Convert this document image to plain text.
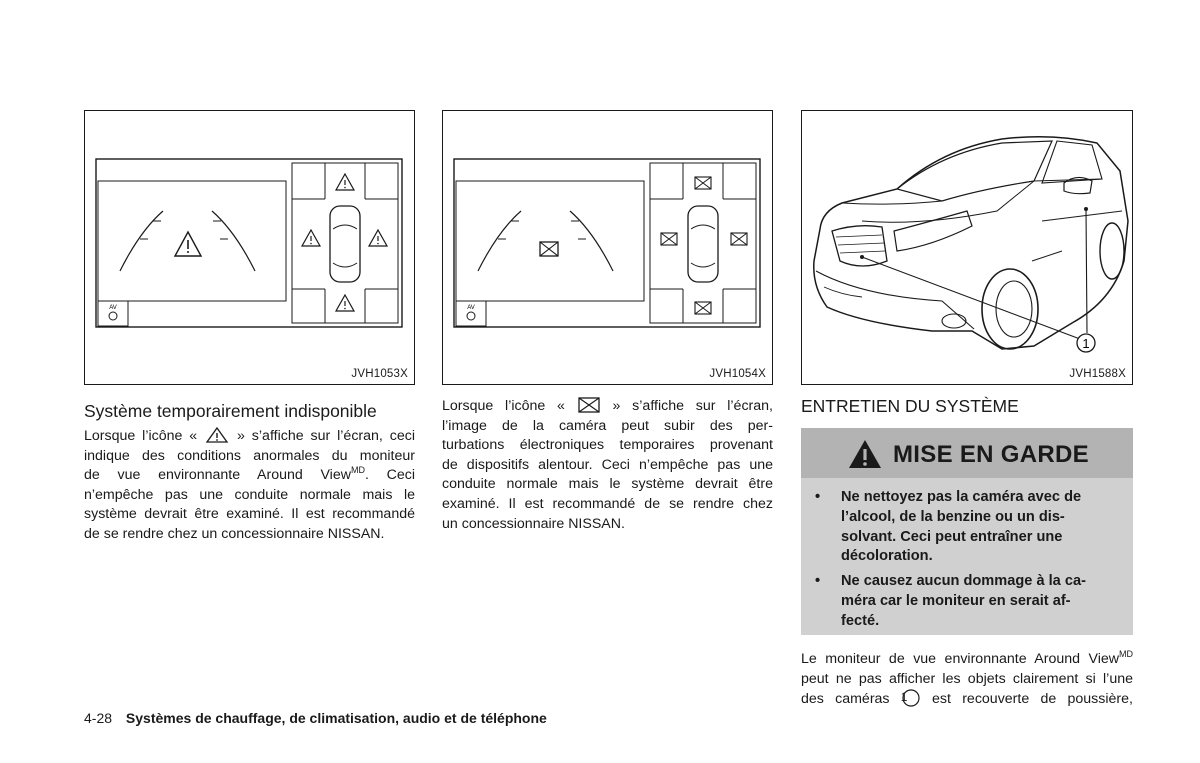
AV
JVH1053X
AV
JVH1054X
1
JVH1588X
Système temporairement indisponible
Lorsque l’icône «	» s’affiche sur l’écran, ceci
indique des conditions anormales du moniteur
de vue environnante Around View$^{MD}$. Ceci
n’empêche pas une conduite normale mais le
système devrait être examiné. Il est recommandé
de se rendre chez un concessionnaire NISSAN.
Lorsque l’icône « ☒ » s’affiche sur l’écran,
l’image de la caméra peut subir des per-
turbations électroniques temporaires provenant
de dispositifs alentour. Ceci n’empêche pas une
conduite normale mais le système devrait être
examiné. Il est recommandé de se rendre chez
un concessionnaire NISSAN.
ENTRETIEN DU SYSTÈME
MISE EN GARDE
• Ne nettoyez pas la caméra avec de
l’alcool, de la benzine ou un dis-
solvant. Ceci peut entraîner une
décoloration.
• Ne causez aucun dommage à la ca-
méra car le moniteur en serait af-
fecté.
Le moniteur de vue environnante Around View$^{MD}$
peut ne pas afficher les objets clairement si l’une
des caméras 1	est recouverte de poussière,
4-28 Systèmes de chauffage, de climatisation, audio et de téléphone
